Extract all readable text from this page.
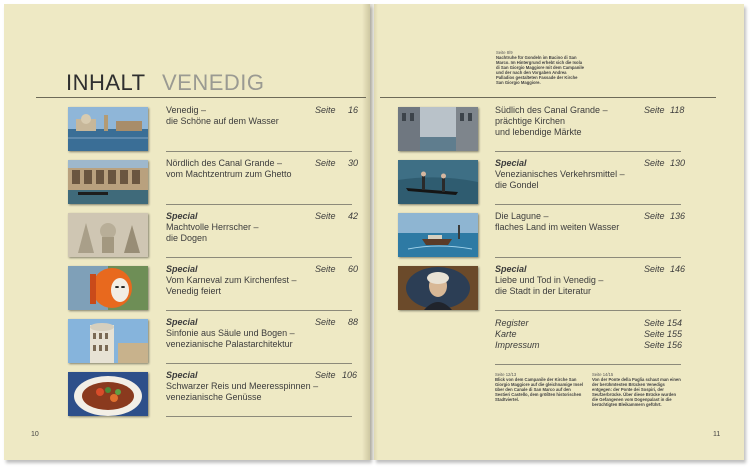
INHALT VENEDIG
Seite 8/9
Nachtruhe für Gondeln im Bacino di San Marco. Im Hintergrund erhebt sich die Isola di San Giorgio Maggiore mit dem Campanile und der nach den Vorgaben Andrea Palladios gestalteten Fassade der Kirche San Giorgio Maggiore.
Venedig –
die Schöne auf dem Wasser
Seite 16
Nördlich des Canal Grande –
vom Machtzentrum zum Ghetto
Seite 30
Special
Machtvolle Herrscher –
die Dogen
Seite 42
Special
Vom Karneval zum Kirchenfest –
Venedig feiert
Seite 60
Special
Sinfonie aus Säule und Bogen –
venezianische Palastarchitektur
Seite 88
Special
Schwarzer Reis und Meeresspinnen –
venezianische Genüsse
Seite 106
Südlich des Canal Grande –
prächtige Kirchen
und lebendige Märkte
Seite 118
Special
Venezianisches Verkehrsmittel –
die Gondel
Seite 130
Die Lagune –
flaches Land im weiten Wasser
Seite 136
Special
Liebe und Tod in Venedig –
die Stadt in der Literatur
Seite 146
Register	Seite 154
Karte	Seite 155
Impressum	Seite 156
Seite 12/13
Blick von dem Campanile der Kirche San Giorgio Maggiore auf die gleichnamige Insel über den Canale di San Marco auf den Sestieri Castello, dem größten historischen Stadtviertel.
Seite 14/15
Von der Ponte della Paglia schaut man einen der berühmtesten Brücken Venedigs entgegen: der Ponte dei Sospiri, der Seufzerbrücke. Über diese Brücke wurden die Gefangenen vom Dogenpalast in die berüchtigten Bleikammern geführt.
10	11
